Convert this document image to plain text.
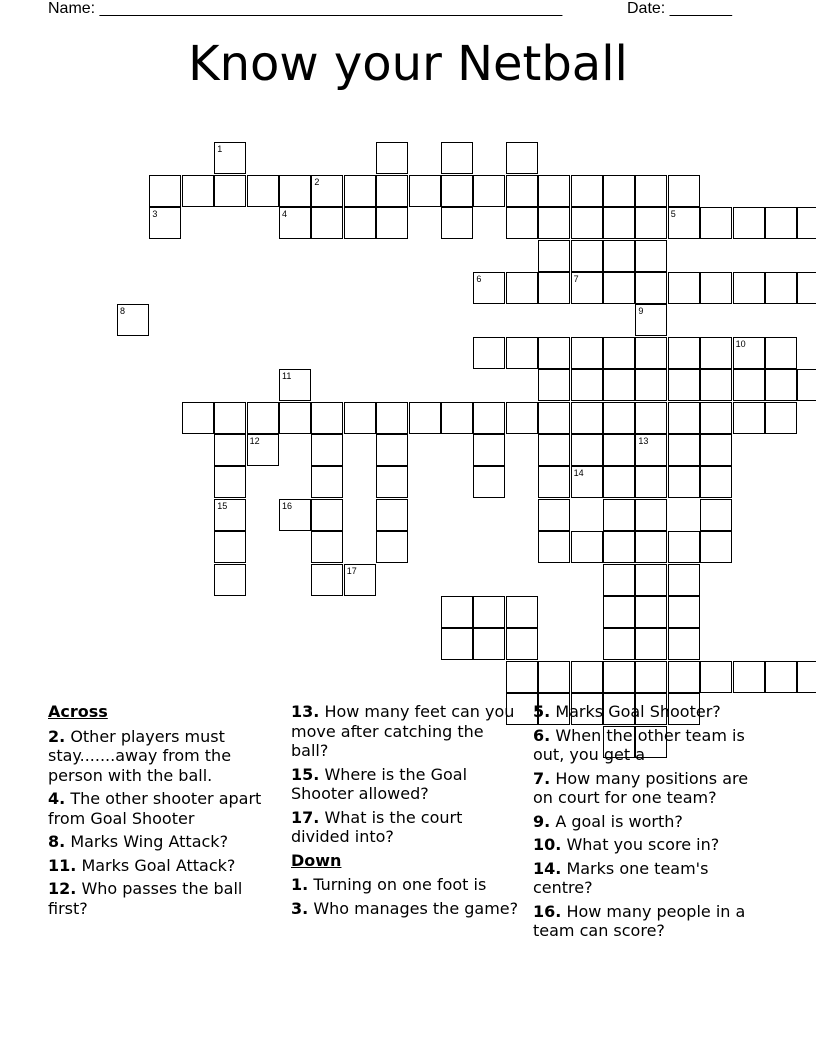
Name: ____________________________________________________	Date: _______
Know your Netball
1
2
4	5
6	7
10
13
14
15
3
8	9
11
12
16
17
Across
2. Other players must stay.......away from the person with the ball.
4. The other shooter apart from Goal Shooter
8. Marks Wing Attack?
11. Marks Goal Attack?
12. Who passes the ball first?
13. How many feet can you move after catching the ball?
15. Where is the Goal Shooter allowed?
17. What is the court divided into?
Down
1. Turning on one foot is
3. Who manages the game?
5. Marks Goal Shooter?
6. When the other team is out, you get a
7. How many positions are on court for one team?
9. A goal is worth?
10. What you score in?
14. Marks one team's centre?
16. How many people in a team can score?
